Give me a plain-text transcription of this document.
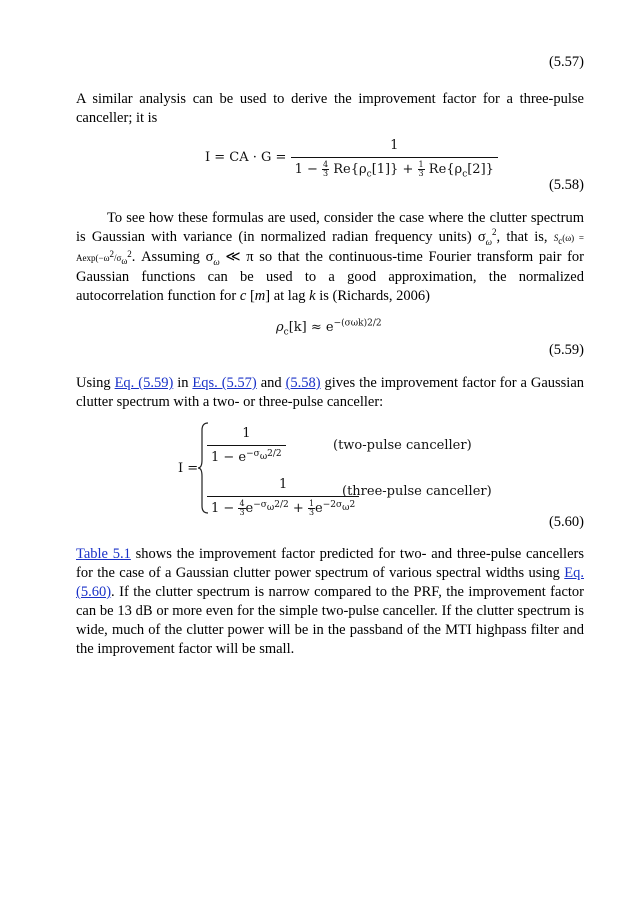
(5.57)

A similar analysis can be used to derive the improvement factor for a three-pulse canceller; it is

I = CA · $G = \frac{1}{1 - \frac{4}{3} Re\{\rho_c[1]\} + \frac{1}{3} Re\{\rho_c[2]\}}$
(5.58)

To see how these formulas are used, consider the case where the clutter spectrum is Gaussian with variance (in normalized radian frequency units) $\sigma_\omega^2$, that is, $S_c(\omega) = Aexp(-\omega^2/\sigma_\omega^2$. Assuming $\sigma_\omega$ ≪ π so that the continuous-time Fourier transform pair for Gaussian functions can be used to a good approximation, the normalized autocorrelation function for c [m] at lag k is (Richards, 2006)

$\rho_c[k] \approx e^{-(\sigma\omega k)2/2}$
(5.59)

Using Eq. (5.59) in Eqs. (5.57) and (5.58) gives the improvement factor for a Gaussian clutter spectrum with a two- or three-pulse canceller:

I =
$\frac{1}{1 - e^{-\sigma_\omega 2/2}}$	(two-pulse canceller)
$\frac{1}{1 - \frac{4}{3} e^{-\sigma_\omega 2/2} + \frac{1}{3} e^{-2\sigma_\omega 2}}$
(three-pulse canceller)
(5.60)

Table 5.1 shows the improvement factor predicted for two- and three-pulse cancellers for the case of a Gaussian clutter power spectrum of various spectral widths using Eq. (5.60). If the clutter spectrum is narrow compared to the PRF, the improvement factor can be 13 dB or more even for the simple two-pulse canceller. If the clutter spectrum is wide, much of the clutter power will be in the passband of the MTI highpass filter and the improvement factor will be small.
